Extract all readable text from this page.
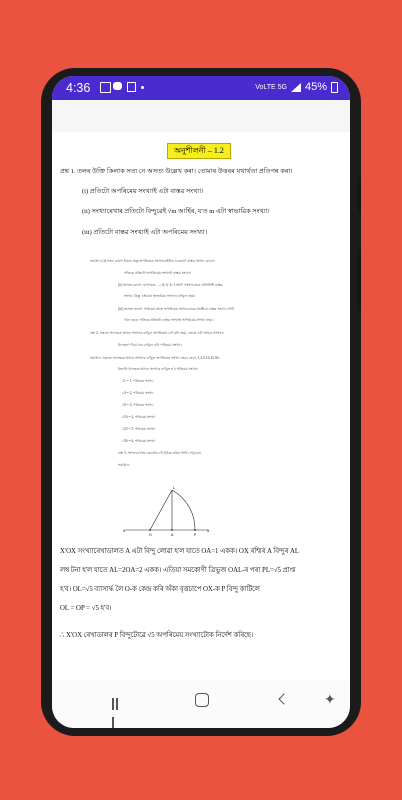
4:36	VoLTE 5G 45%
অনুশীলনী – 1.2
প্রশ্ন 1. তলৰ উক্তি কিলাক সত্য নে অসত্য উল্লেখ কৰা। তোমাৰ উত্তৰৰ যথাৰ্থতা প্ৰতিপন্ন কৰা।
(i) প্ৰতিটো অপৰিমেয় সংখ্যাই এটা বাস্তৱ সংখ্যা।
(ii) সংখ্যাৰেখাৰ প্ৰতিটো বিন্দুৱেই √m আৰ্হিৰ, য'ত m এটা স্বাভাৱিক সংখ্যা।
(iii) প্ৰতিটো বাস্তৱ সংখ্যাই এটা অপৰিমেয় সংখ্যা।
সমাধান: (i) সত্য। কাৰণ বিয়াৰ অন্তু অপৰিমেয় সংখ্যাকেইটাৰ একেলগ বাস্তৱ সংখ্যা বোলে।
গতিকে প্ৰতিটো অপৰিমেয় সংখ্যাই বাস্তৱ সংখ্যা।
(ii) অসত্য কাৰণ: ঋণাত্মক ....,-4,-3,-2,-1 আদি সংখ্যাবোৰে প্ৰতিনিধি বাস্তৱ
সংখ্যা, কিন্তু এইবোৰ স্বাভাৱিক সংখ্যাৰ বৰ্গমূল নহয়।
(iii) অসত্য কাৰণ: পৰিমেয় আৰু অপৰিমেয় সংখ্যাবোৰৰ সমষ্টিয়ে বাস্তৱ সংখ্যা গোটা
গঠন কৰে। গতিকে প্ৰতিটো বাস্তৱ সংখ্যাই অপৰিমেয় সংখ্যা নহয়।
প্ৰশ্ন 2. সকলো ধনাত্মক অখণ্ড সংখ্যাৰ বৰ্গমূল অপৰিমেয় নে? যদি নহয়, তেন্তে এটা অখণ্ড সংখ্যাৰ
উদাহৰণ দিয়া যাৰ বৰ্গমূল এটা পৰিমেয় সংখ্যা।
সমাধান: সকলো ধনাত্মক অখণ্ড সংখ্যাৰ বৰ্গমূল অপৰিমেয় সংখ্যা নহয়। যেনে, 1,4,9,16,25,36...
ইত্যাদি ধনাত্মক অখণ্ড সংখ্যাৰ বৰ্গমূল হ'ব পৰিমেয় সংখ্যা।
√1 = 1, পৰিমেয় সংখ্যা
√4 = 2, পৰিমেয় সংখ্যা
√9 = 3, পৰিমেয় সংখ্যা
√16 = 4, পৰিমেয় সংখ্যা
√25 = 5, পৰিমেয় সংখ্যা
√36 = 6, পৰিমেয় সংখ্যা
প্ৰশ্ন 3. সংখ্যাৰেখাত কেনেকৈ √5 সূচিত কৰিব পাৰি দেখুওৱা।
সমাধান:
X'	X
O	A	P
L
X'OX সংখ্যাৰেখাডালত A এটা বিন্দু লোৱা হ'ল যাতে OA=1 একক। OX ৰশ্মিৰ A বিন্দুৰ AL
লম্ব টনা হ'ল যাতে AL=2OA=2 একক। এতিয়া সমকোণী ত্ৰিভুজ OAL-ৰ পৰা PL=√5 প্ৰাপ্ত
হ'ব। OL=√5 ব্যাসাৰ্দ্ধ লৈ O-ক কেন্দ্ৰ কৰি অঁকা বৃত্তচাপে OX-ক P বিন্দু কাটিলে
OL = OP = √5 হ'ব।
∴ X'OX ৰেখাডালৰ P বিন্দুটোৱে √5 অপৰিমেয় সংখ্যাটোক নিৰ্দেশ কৰিছে।
✦
